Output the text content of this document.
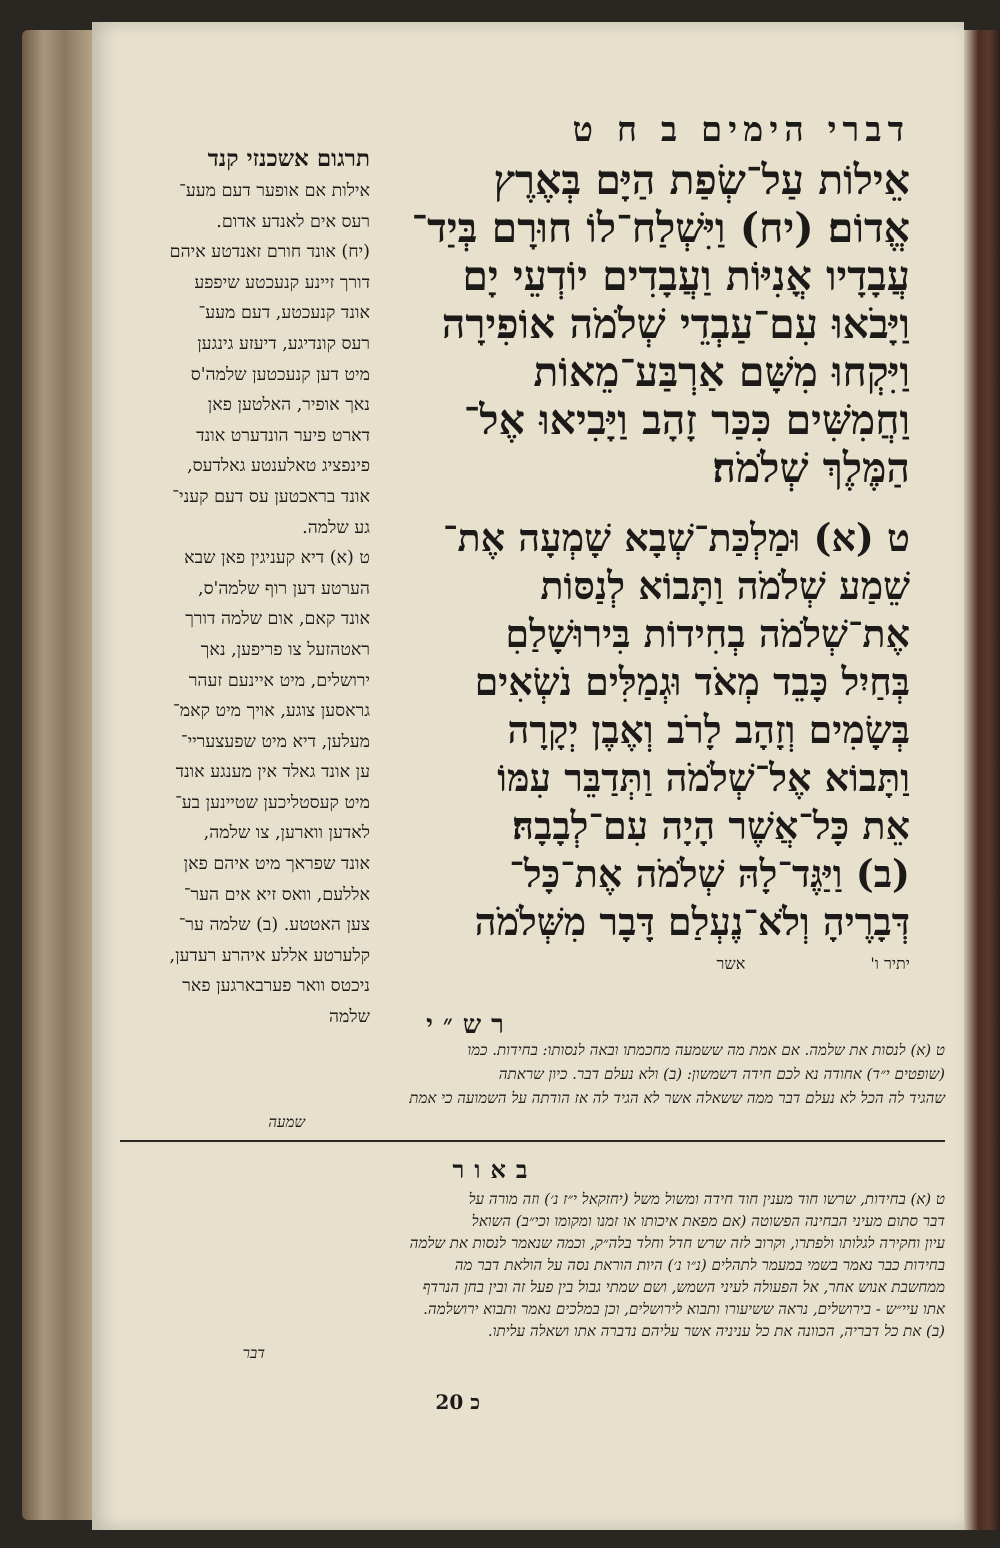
דברי הימים ב ח ט
אֵילוֹת עַל־שְׂפַת הַיָּם בְּאֶרֶץ
אֱדוֹם׃ (יח) וַיִּשְׁלַח־לוֹ חוּרָם בְּיַד־
עֲבָדָיו אֳנִיּוֹת וַעֲבָדִים יוֹדְעֵי יָם
וַיָּבֹאוּ עִם־עַבְדֵי שְׁלֹמֹה אוֹפִירָה
וַיִּקְחוּ מִשָּׁם אַרְבַּע־מֵאוֹת
וַחֲמִשִּׁים כִּכַּר זָהָב וַיָּבִיאוּ אֶל־
הַמֶּלֶךְ שְׁלֹמֹה׃
ט (א) וּמַלְכַּת־שְׁבָא שָׁמְעָה אֶת־
שֵׁמַע שְׁלֹמֹה וַתָּבוֹא לְנַסּוֹת
אֶת־שְׁלֹמֹה בְחִידוֹת בִּירוּשָׁלַםִ
בְּחַיִל כָּבֵד מְאֹד וּגְמַלִּים נֹשְׂאִים
בְּשָׂמִים וְזָהָב לָרֹב וְאֶבֶן יְקָרָה
וַתָּבוֹא אֶל־שְׁלֹמֹה וַתְּדַבֵּר עִמּוֹ
אֵת כָּל־אֲשֶׁר הָיָה עִם־לְבָבָהּ׃
(ב) וַיַּגֶּד־לָהּ שְׁלֹמֹה אֶת־כָּל־
דְּבָרֶיהָ וְלֹא־נֶעְלַם דָּבָר מִשְּׁלֹמֹה
יתיר ו' אשר
תרגום אשכנזי קנד
אילות אם אופער דעם מעע־
רעס אים לאנדע אדום.
(יח) אונד חורם זאנדטע איהם
דורך זיינע קנעכטע שיפפע
אונד קנעכטע, דעם מעע־
רעס קונדיגע, דיעזע גינגען
מיט דען קנעכטען שלמה'ס
נאך אופיר, האלטען פאן
דארט פיער הונדערט אונד
פינפציג טאלענטע גאלדעס,
אונד בראכטען עס דעם קעני־
גע שלמה.
ט (א) דיא קעניגין פאן שבא
הערטע דען רוף שלמה'ס,
אונד קאם, אום שלמה דורך
ראטהזעל צו פריפען, נאך
ירושלים, מיט איינעם זעהר
גראסען צוגע, אויך מיט קאמ־
מעלען, דיא מיט שפעצעריי־
ען אונד גאלד אין מענגע אונד
מיט קעסטליכען שטיינען בע־
לאדען ווארען, צו שלמה,
אונד שפראך מיט איהם פאן
אללעם, וואס זיא אים הער־
צען האטטע. (ב) שלמה ער־
קלערטע אללע איהרע רעדען,
ניכטס וואר פערבארגען פאר
שלמה	רש״י
ט (א) לנסות את שלמה. אם אמת מה ששמעה מחכמתו ובאה לנסותו: בחידות. כמו
(שופטים י״ד) אחודה נא לכם חידה דשמשון: (ב) ולא נעלם דבר. כיון שראתה
שהגיד לה הכל לא נעלם דבר ממה ששאלה אשר לא הגיד לה אז הודתה על השמועה כי אמת
שמעה
באור
ט (א) בחידות, שרשו חוד מענין חוד חידה ומשול משל (יחזקאל י״ז נ׳) וזה מורה על
דבר סתום מעיני הבחינה הפשוטה (אם מפאת איכותו או זמנו ומקומו וכי״ב) השואל
עיון וחקירה לגלותו ולפתרו, וקרוב לזה שרש חדל וחלד בלה״ק, וכמה שנאמר לנסות את שלמה
בחידות כבר נאמר בשמי במעמר לתהלים (נ״ו נ׳) היות הוראת נסה על הולאת דבר מה
ממחשבת אנוש אחר, אל הפעולה לעיני השמש, ושם שמתי גבול בין פעל זה ובין בחן הנרדף
אתו עיי״ש - בירושלים, נראה ששיעורו ותבוא לירושלים, וכן במלכים נאמר ותבוא ירושלמה.
(ב) את כל דבריה, הכוונה את כל עניניה אשר עליהם נדברה אתו ושאלה עליתו.
דבר
כ 20
